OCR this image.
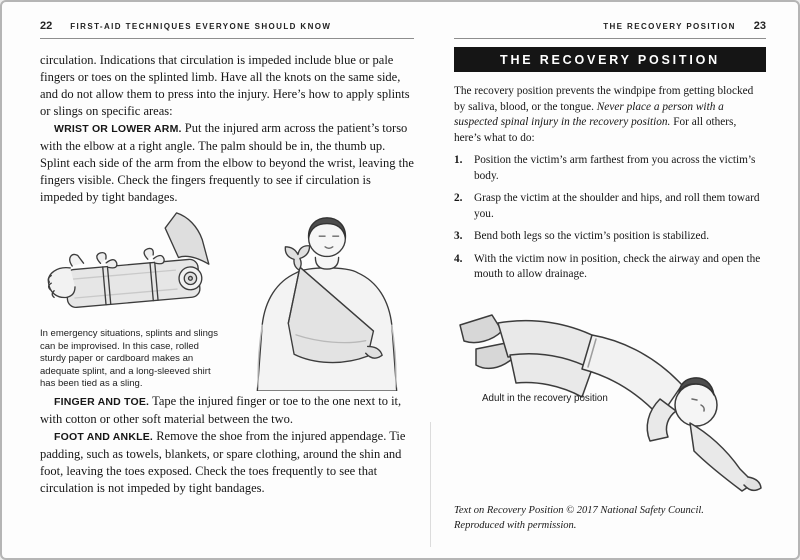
22 FIRST-AID TECHNIQUES EVERYONE SHOULD KNOW

circulation. Indications that circulation is impeded include blue or pale fingers or toes on the splinted limb. Have all the knots on the same side, and do not allow them to press into the injury. Here’s how to apply splints or slings on specific areas:

WRIST OR LOWER ARM. Put the injured arm across the patient’s torso with the elbow at a right angle. The palm should be in, the thumb up. Splint each side of the arm from the elbow to beyond the wrist, leaving the fingers visible. Check the fingers frequently to see if circulation is impeded by tight bandages.

In emergency situations, splints and slings can be improvised. In this case, rolled sturdy paper or cardboard makes an adequate splint, and a long-sleeved shirt has been tied as a sling.

FINGER AND TOE. Tape the injured finger or toe to the one next to it, with cotton or other soft material between the two.

FOOT AND ANKLE. Remove the shoe from the injured appendage. Tie padding, such as towels, blankets, or spare clothing, around the shin and foot, leaving the toes exposed. Check the toes frequently to see that circulation is not impeded by tight bandages.

THE RECOVERY POSITION 23
THE RECOVERY POSITION

The recovery position prevents the windpipe from getting blocked by saliva, blood, or the tongue. Never place a person with a suspected spinal injury in the recovery position. For all others, here’s what to do:

1.	Position the victim’s arm farthest from you across the victim’s body.
2.	Grasp the victim at the shoulder and hips, and roll them toward you.
3.	Bend both legs so the victim’s position is stabilized.
4.	With the victim now in position, check the airway and open the mouth to allow drainage.
Adult in the recovery position
Text on Recovery Position © 2017 National Safety Council.
Reproduced with permission.
